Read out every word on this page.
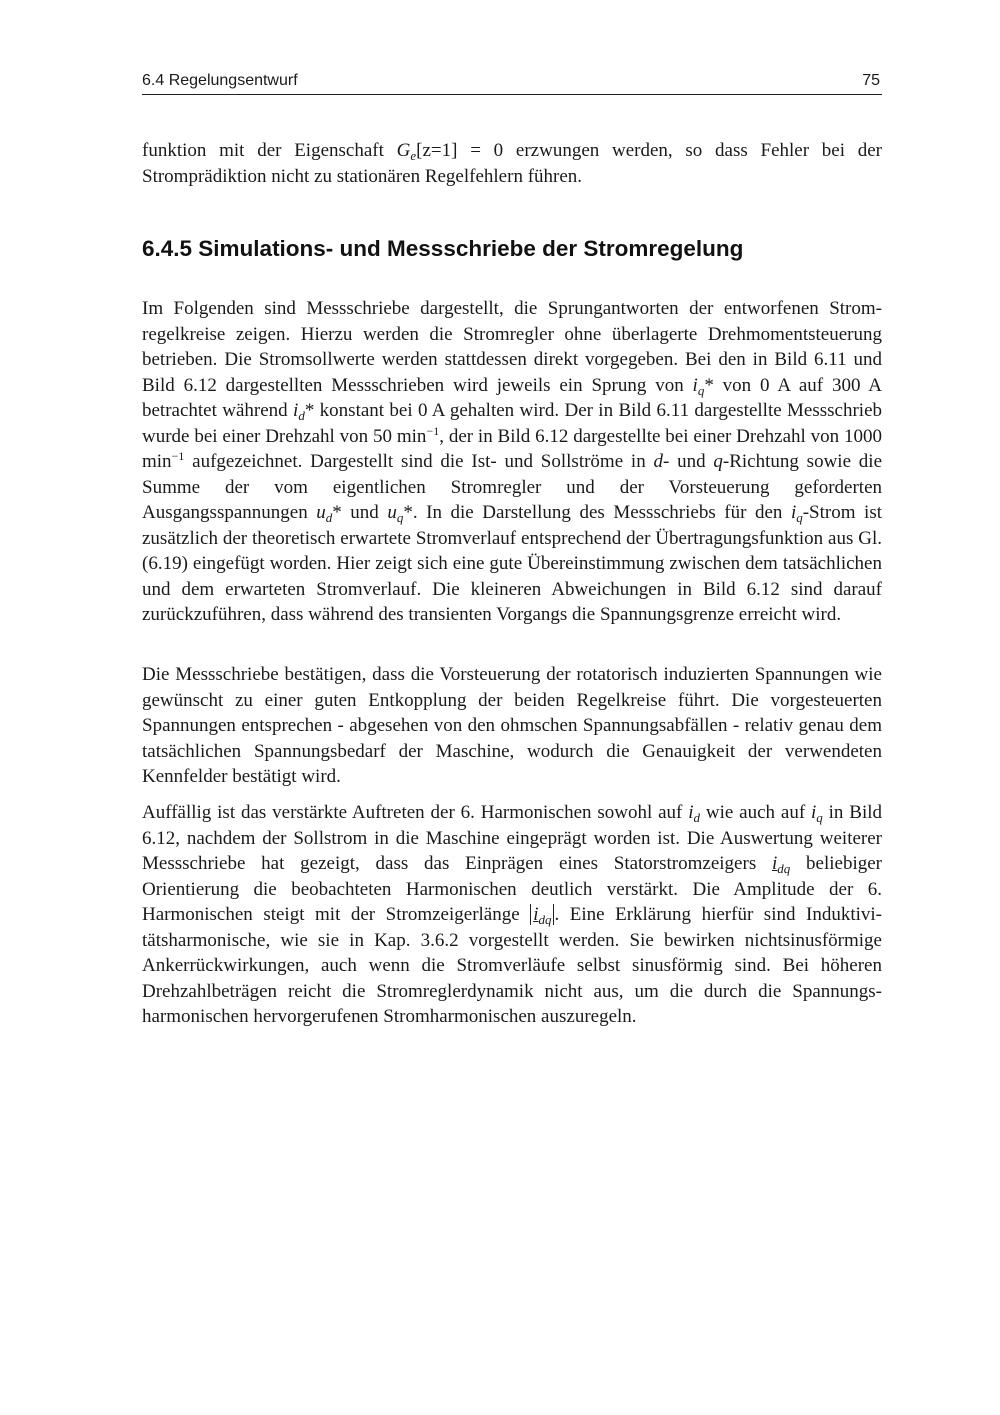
6.4 Regelungsentwurf	75

funktion mit der Eigenschaft $G_e[z=1] = 0$ erzwungen werden, so dass Fehler bei der Stromprädiktion nicht zu stationären Regelfehlern führen.

6.4.5 Simulations- und Messschriebe der Stromregelung

Im Folgenden sind Messschriebe dargestellt, die Sprungantworten der entworfenen Stromregelkreise zeigen. Hierzu werden die Stromregler ohne überlagerte Drehmomentsteuerung betrieben. Die Stromsollwerte werden stattdessen direkt vorgegeben. Bei den in Bild 6.11 und Bild 6.12 dargestellten Messschrieben wird jeweils ein Sprung von $i_q*$ von 0 A auf 300 A betrachtet während $i_d*$ konstant bei 0 A gehalten wird. Der in Bild 6.11 dargestellte Messschrieb wurde bei einer Drehzahl von 50 $\min^{-1}$, der in Bild 6.12 dargestellte bei einer Drehzahl von 1000 $\min^{-1}$ aufgezeichnet. Dargestellt sind die Ist- und Sollströme in d- und q-Richtung sowie die Summe der vom eigentlichen Stromregler und der Vorsteuerung geforderten Ausgangsspannungen $u_d*$ und $u_q*$. In die Darstellung des Messschriebs für den $i_q$-Strom ist zusätzlich der theoretisch erwartete Stromverlauf entsprechend der Übertragungsfunktion aus Gl. (6.19) eingefügt worden. Hier zeigt sich eine gute Übereinstimmung zwischen dem tatsächlichen und dem erwarteten Stromverlauf. Die kleineren Abweichungen in Bild 6.12 sind darauf zurückzuführen, dass während des transienten Vorgangs die Spannungsgrenze erreicht wird.

Die Messschriebe bestätigen, dass die Vorsteuerung der rotatorisch induzierten Spannungen wie gewünscht zu einer guten Entkopplung der beiden Regelkreise führt. Die vorgesteuerten Spannungen entsprechen - abgesehen von den ohmschen Spannungsabfällen - relativ genau dem tatsächlichen Spannungsbedarf der Maschine, wodurch die Genauigkeit der verwendeten Kennfelder bestätigt wird.

Auffällig ist das verstärkte Auftreten der 6. Harmonischen sowohl auf $i_d$ wie auch auf $i_q$ in Bild 6.12, nachdem der Sollstrom in die Maschine eingeprägt worden ist. Die Auswertung weiterer Messschriebe hat gezeigt, dass das Einprägen eines Statorstromzeigers $i_{dq}$ beliebiger Orientierung die beobachteten Harmonischen deutlich verstärkt. Die Amplitude der 6. Harmonischen steigt mit der Stromzeigerlänge $i_{dq}$ . Eine Erklärung hierfür sind Induktivitätsharmonische, wie sie in Kap. 3.6.2 vorgestellt werden. Sie bewirken nichtsinusförmige Ankerrückwirkungen, auch wenn die Stromverläufe selbst sinusförmig sind. Bei höheren Drehzahlbeträgen reicht die Stromreglerdynamik nicht aus, um die durch die Spannungsharmonischen hervorgerufenen Stromharmonischen auszuregeln.
